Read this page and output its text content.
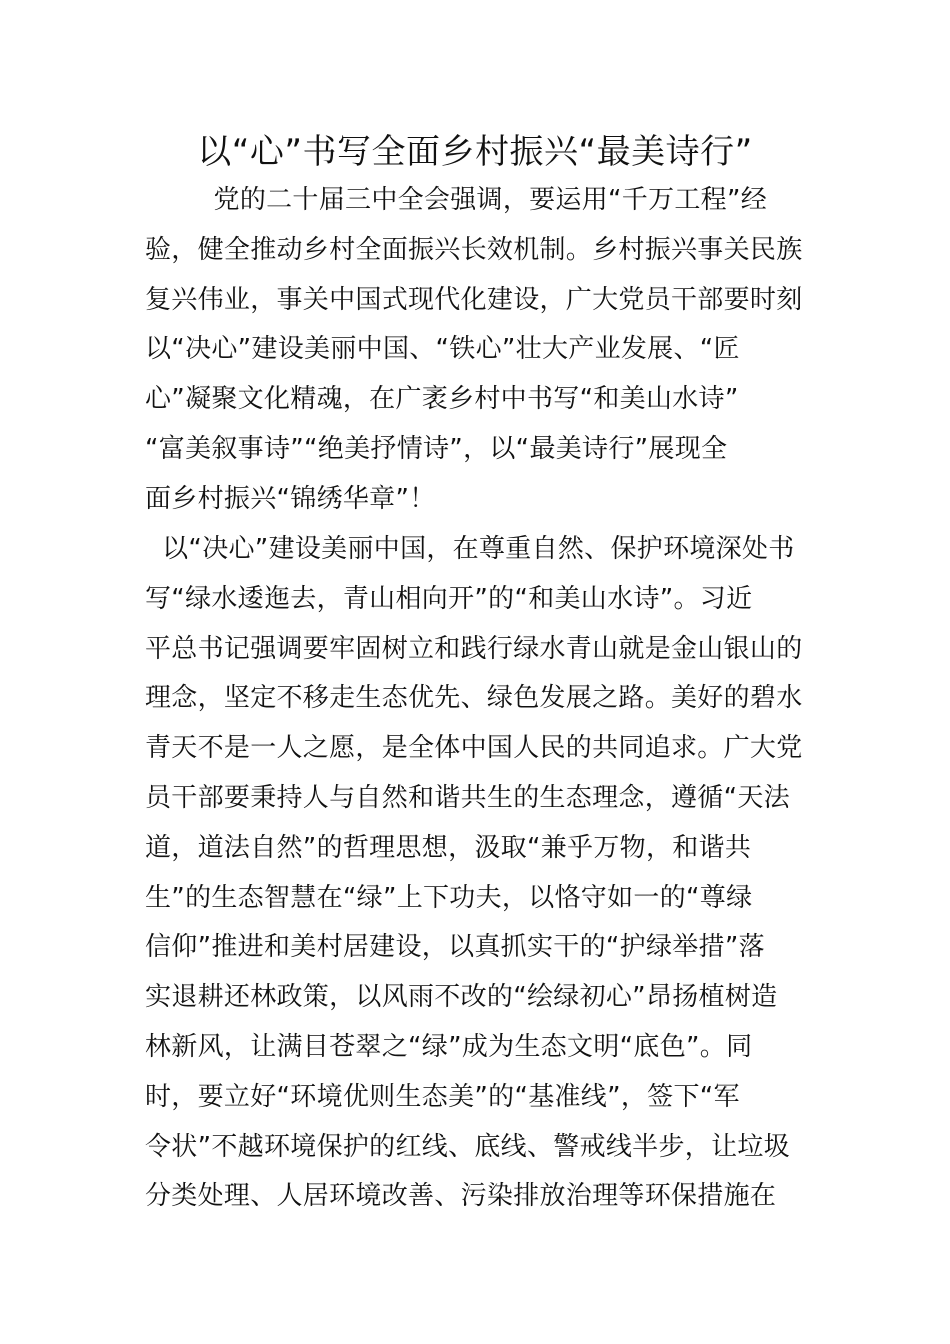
以“心”书写全面乡村振兴“最美诗行”
党的二十届三中全会强调，要运用“千万工程”经
验，健全推动乡村全面振兴长效机制。乡村振兴事关民族
复兴伟业，事关中国式现代化建设，广大党员干部要时刻
以“决心”建设美丽中国、“铁心”壮大产业发展、“匠
心”凝聚文化精魂，在广袤乡村中书写“和美山水诗”
“富美叙事诗”“绝美抒情诗”，以“最美诗行”展现全
面乡村振兴“锦绣华章”！
以“决心”建设美丽中国，在尊重自然、保护环境深处书
写“绿水逶迤去，青山相向开”的“和美山水诗”。习近
平总书记强调要牢固树立和践行绿水青山就是金山银山的
理念，坚定不移走生态优先、绿色发展之路。美好的碧水
青天不是一人之愿，是全体中国人民的共同追求。广大党
员干部要秉持人与自然和谐共生的生态理念，遵循“天法
道，道法自然”的哲理思想，汲取“兼乎万物，和谐共
生”的生态智慧在“绿”上下功夫，以恪守如一的“尊绿
信仰”推进和美村居建设，以真抓实干的“护绿举措”落
实退耕还林政策，以风雨不改的“绘绿初心”昂扬植树造
林新风，让满目苍翠之“绿”成为生态文明“底色”。同
时，要立好“环境优则生态美”的“基准线”，签下“军
令状”不越环境保护的红线、底线、警戒线半步，让垃圾
分类处理、人居环境改善、污染排放治理等环保措施在
